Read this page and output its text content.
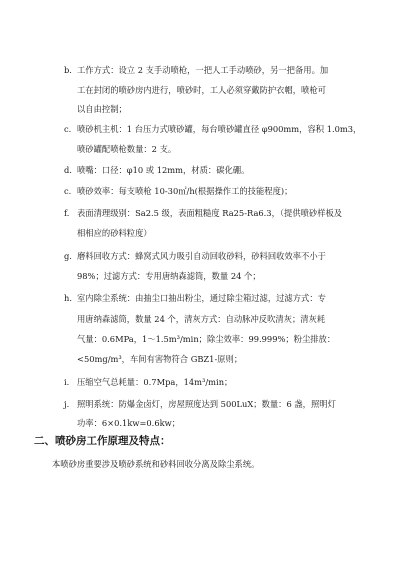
b. 工作方式：设立 2 支手动喷枪，一把人工手动喷砂，另一把备用。加
工在封闭的喷砂房内进行，喷砂时，工人必须穿戴防护衣帽，喷枪可
以自由控制；
c. 喷砂机主机：1 台压力式喷砂罐，每台喷砂罐直径 φ900mm，容积 1.0m3，
喷砂罐配喷枪数量：2 支。
d. 喷嘴：口径：φ10 或 12mm，材质：碳化硼。
c. 喷砂效率：每支喷枪 10-30㎡/h(根据操作工的技能程度)；
f. 表面清理级别：Sa2.5 级，表面粗糙度 Ra25-Ra6.3，（提供喷砂样板及
相相应的砂料粒度）
g. 磨料回收方式：蜂窝式风力吸引自动回收砂料，砂料回收效率不小于
98%；过滤方式：专用唐纳森滤筒，数量 24 个；
h. 室内除尘系统：由抽尘口抽出粉尘，通过除尘箱过滤，过滤方式：专
用唐纳森滤筒，数量 24 个，清灰方式：自动脉冲反吹清灰；清灰耗
气量：0.6MPa，1～1.5m³/min；除尘效率：99.999%；粉尘排放：
<50mg/m³，车间有害物符合 GBZ1-原则；
i. 压缩空气总耗量：0.7Mpa，14m³/min；
j. 照明系统：防爆金卤灯，房屋照度达到 500LuX；数量：6 盏，照明灯
功率：6×0.1kw=0.6kw；
二、喷砂房工作原理及特点：
本喷砂房重要涉及喷砂系统和砂料回收分离及除尘系统。
